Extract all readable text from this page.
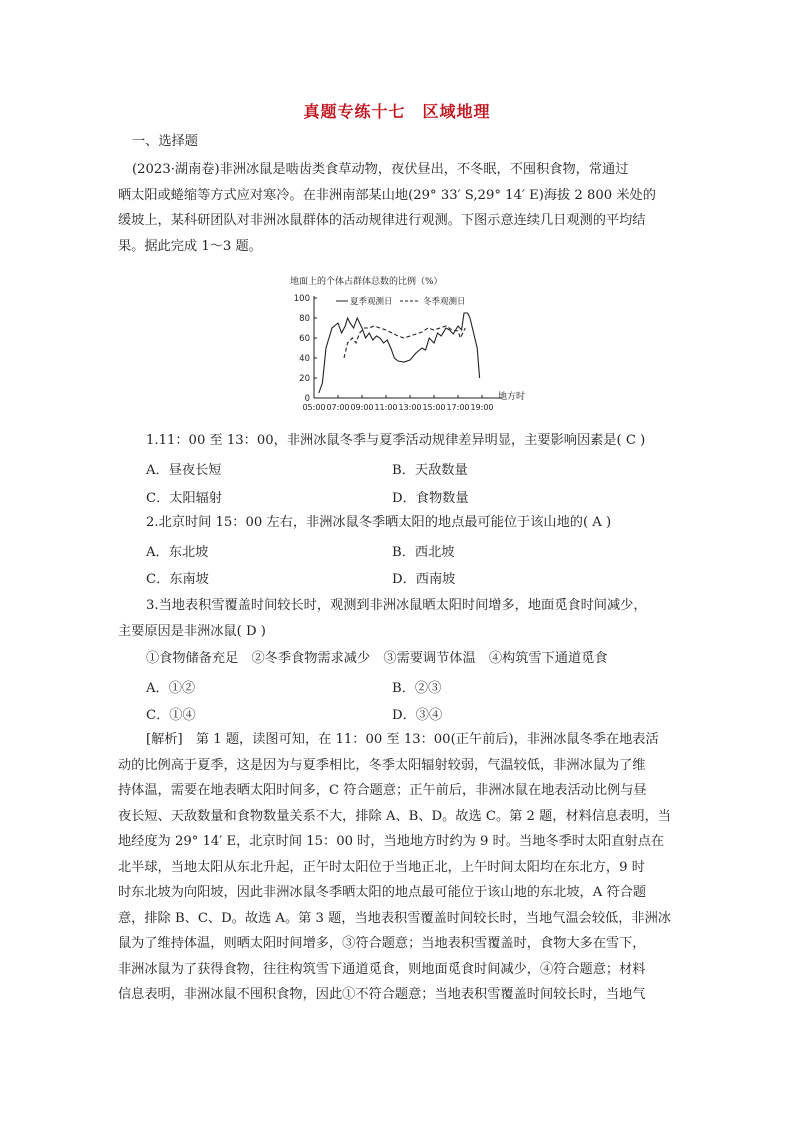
真题专练十七　区域地理
一、选择题
(2023·湖南卷)非洲冰鼠是啮齿类食草动物，夜伏昼出，不冬眠，不囤积食物，常通过
晒太阳或蜷缩等方式应对寒冷。在非洲南部某山地(29° 33′ S,29° 14′ E)海拔 2 800 米处的
缓坡上，某科研团队对非洲冰鼠群体的活动规律进行观测。下图示意连续几日观测的平均结
果。据此完成 1～3 题。
地面上的个体占群体总数的比例（%）
0
20
40
60
80
100
05:00 07:00 09:00 11:00 13:00 15:00 17:00 19:00
夏季观测日	冬季观测日
地方时
1.11：00 至 13：00，非洲冰鼠冬季与夏季活动规律差异明显，主要影响因素是( C )
A．昼夜长短	B．天敌数量
C．太阳辐射	D．食物数量
2.北京时间 15：00 左右，非洲冰鼠冬季晒太阳的地点最可能位于该山地的( A )
A．东北坡	B．西北坡
C．东南坡	D．西南坡
3.当地表积雪覆盖时间较长时，观测到非洲冰鼠晒太阳时间增多，地面觅食时间减少，
主要原因是非洲冰鼠( D )
①食物储备充足　②冬季食物需求减少　③需要调节体温　④构筑雪下通道觅食
A．①②	B．②③
C．①④	D．③④
[解析]　第 1 题，读图可知，在 11：00 至 13：00(正午前后)，非洲冰鼠冬季在地表活
动的比例高于夏季，这是因为与夏季相比，冬季太阳辐射较弱，气温较低，非洲冰鼠为了维
持体温，需要在地表晒太阳时间多，C 符合题意；正午前后，非洲冰鼠在地表活动比例与昼
夜长短、天敌数量和食物数量关系不大，排除 A、B、D。故选 C。第 2 题，材料信息表明，当
地经度为 29° 14′ E，北京时间 15：00 时，当地地方时约为 9 时。当地冬季时太阳直射点在
北半球，当地太阳从东北升起，正午时太阳位于当地正北，上午时间太阳均在东北方，9 时
时东北坡为向阳坡，因此非洲冰鼠冬季晒太阳的地点最可能位于该山地的东北坡，A 符合题
意，排除 B、C、D。故选 A。第 3 题，当地表积雪覆盖时间较长时，当地气温会较低，非洲冰
鼠为了维持体温，则晒太阳时间增多，③符合题意；当地表积雪覆盖时，食物大多在雪下，
非洲冰鼠为了获得食物，往往构筑雪下通道觅食，则地面觅食时间减少，④符合题意；材料
信息表明，非洲冰鼠不囤积食物，因此①不符合题意；当地表积雪覆盖时间较长时，当地气
